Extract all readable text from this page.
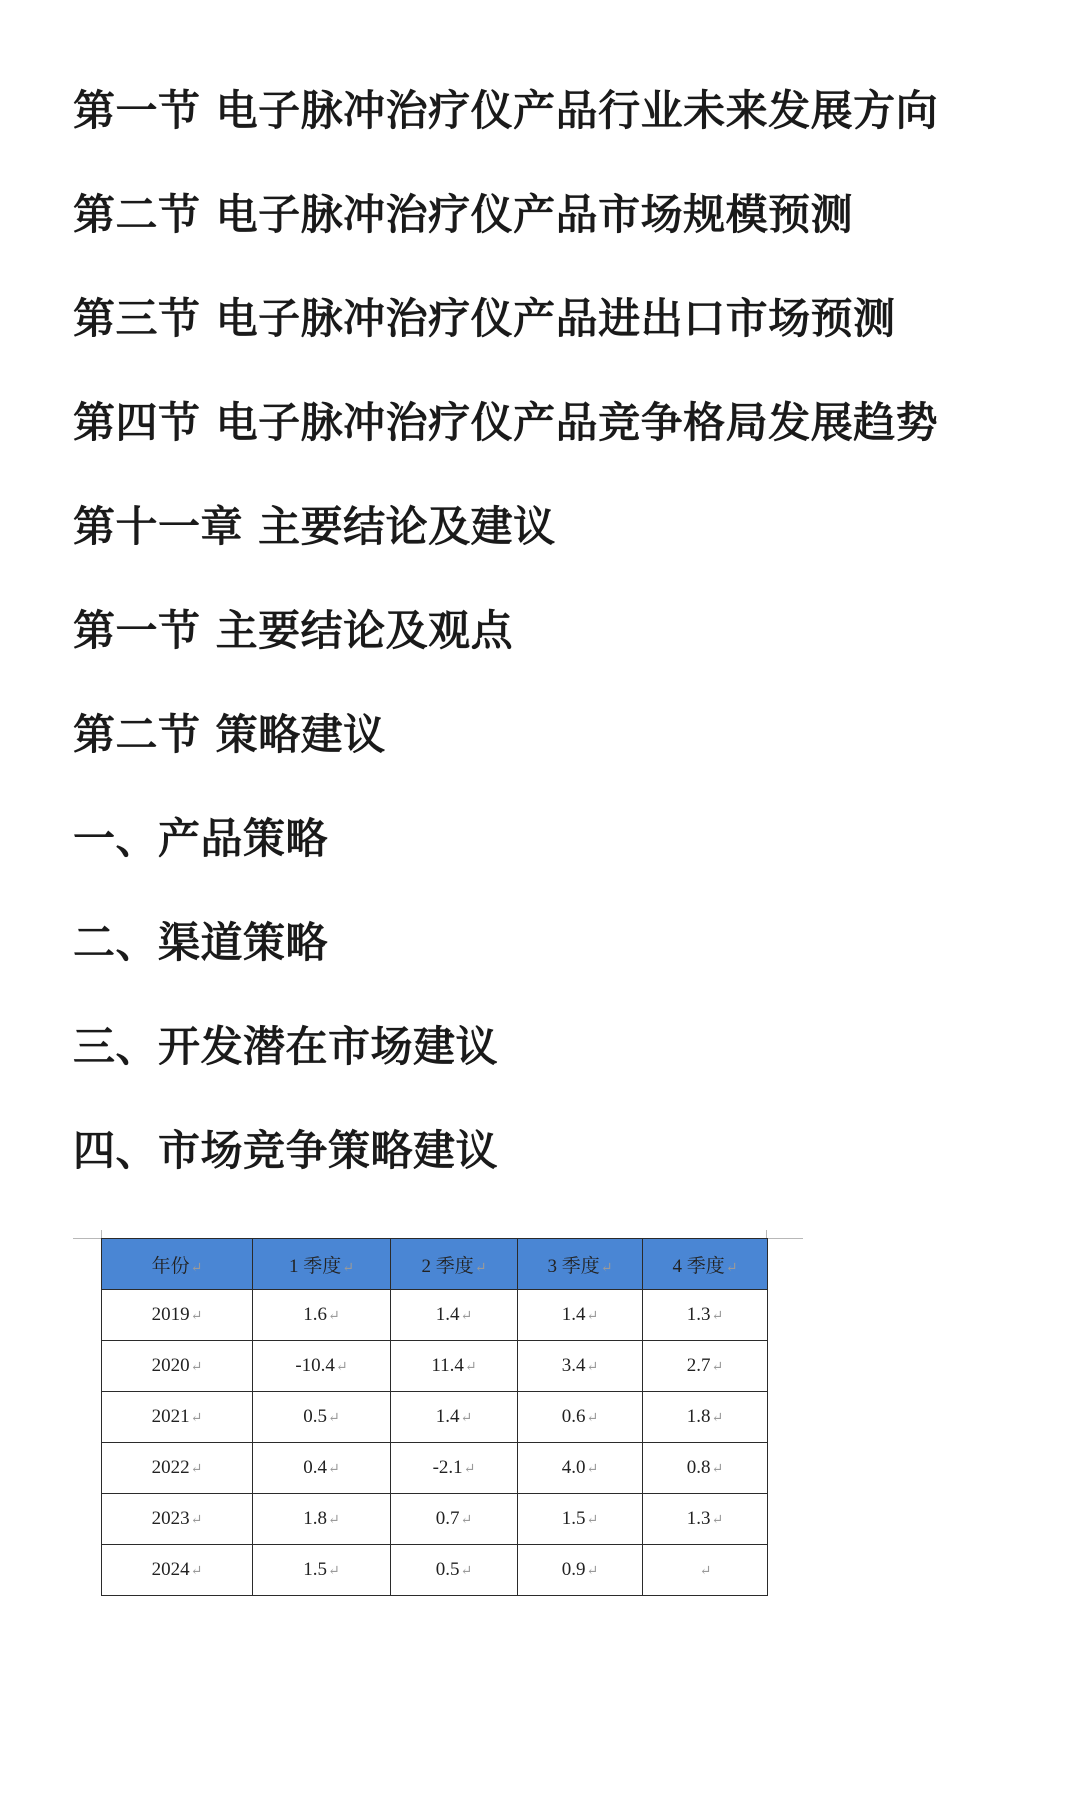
第一节 电子脉冲治疗仪产品行业未来发展方向
第二节 电子脉冲治疗仪产品市场规模预测
第三节 电子脉冲治疗仪产品进出口市场预测
第四节 电子脉冲治疗仪产品竞争格局发展趋势
第十一章 主要结论及建议
第一节 主要结论及观点
第二节 策略建议
一、产品策略
二、渠道策略
三、开发潜在市场建议
四、市场竞争策略建议
年份↵	1 季度↵	2 季度↵	3 季度↵	4 季度↵
2019↵	1.6↵	1.4↵	1.4↵	1.3↵
2020↵	-10.4↵	11.4↵	3.4↵	2.7↵
2021↵	0.5↵	1.4↵	0.6↵	1.8↵
2022↵	0.4↵	-2.1↵	4.0↵	0.8↵
2023↵	1.8↵	0.7↵	1.5↵	1.3↵
2024↵	1.5↵	0.5↵	0.9↵	↵
